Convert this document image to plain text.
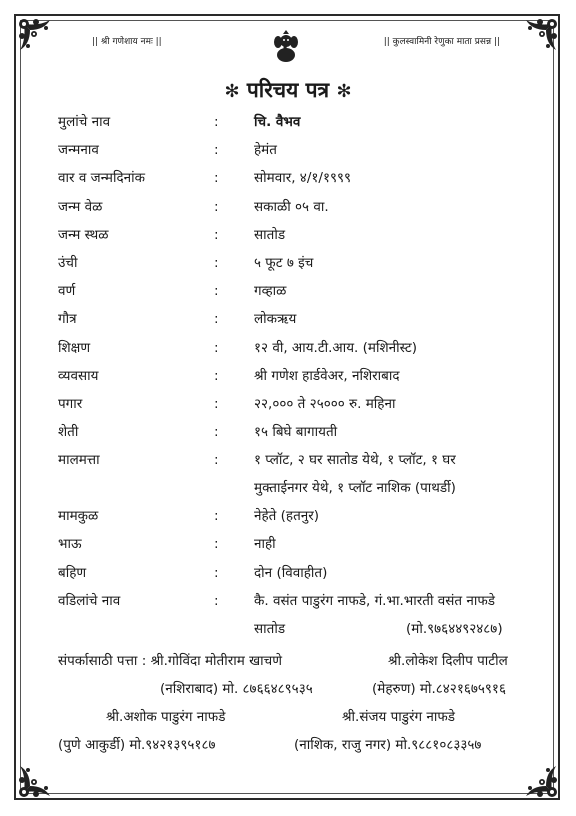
|| श्री गणेशाय नमः ||	|| कुलस्वामिनी रेणुका माता प्रसन्न ||
✻ परिचय पत्र ✻
मुलांचे नाव	:	चि. वैभव
जन्मनाव	:	हेमंत
वार व जन्मदिनांक	:	सोमवार, ४/१/१९९९
जन्म वेळ	:	सकाळी ०५ वा.
जन्म स्थळ	:	सातोड
उंची	:	५ फूट ७ इंच
वर्ण	:	गव्हाळ
गौत्र	:	लोकऋय
शिक्षण	:	१२ वी, आय.टी.आय. (मशिनीस्ट)
व्यवसाय	:	श्री गणेश हार्डवेअर, नशिराबाद
पगार	:	२२,००० ते २५००० रु. महिना
शेती	:	१५ बिघे बागायती
मालमत्ता	:	१ प्लॉट, २ घर सातोड येथे, १ प्लॉट, १ घर
मुक्ताईनगर येथे, १ प्लॉट नाशिक (पाथर्डी)
मामकुळ	:	नेहेते (हतनुर)
भाऊ	:	नाही
बहिण	:	दोन (विवाहीत)
वडिलांचे नाव	:	कै. वसंत पाडुरंग नाफडे, गं.भा.भारती वसंत नाफडे
सातोड	(मो.९७६४४९२४८७)
संपर्कासाठी पत्ता : श्री.गोविंदा मोतीराम खाचणे	श्री.लोकेश दिलीप पाटील
(नशिराबाद) मो. ८७६६४८९५३५	(मेहरुण) मो.८४२१६७५९१६
श्री.अशोक पाडुरंग नाफडे	श्री.संजय पाडुरंग नाफडे
(पुणे आकुर्डी) मो.९४२१३९५१८७	(नाशिक, राजु नगर) मो.९८८१०८३३५७
